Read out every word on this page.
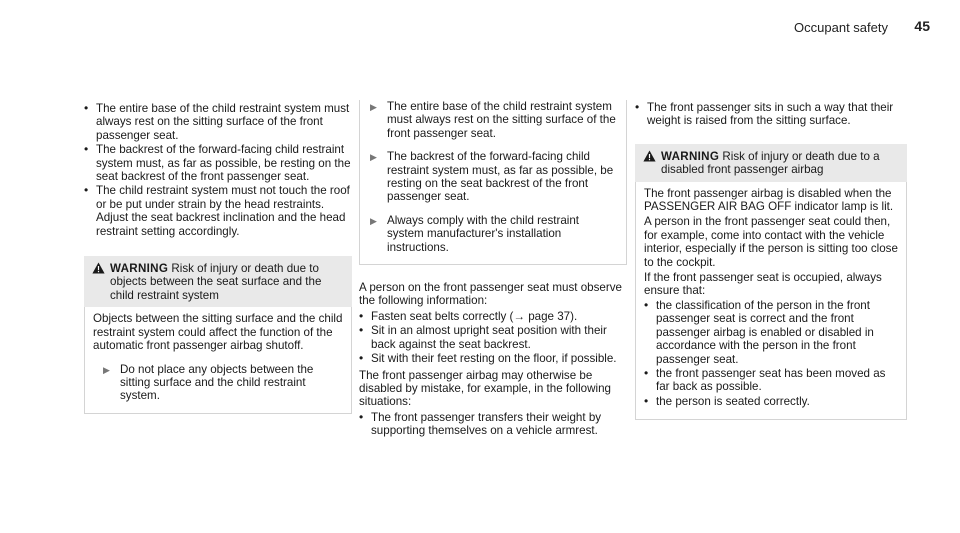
Occupant safety 45
• The entire base of the child restraint system must always rest on the sitting surface of the front passenger seat.
• The backrest of the forward-facing child restraint system must, as far as possible, be resting on the seat backrest of the front passenger seat.
• The child restraint system must not touch the roof or be put under strain by the head restraints. Adjust the seat backrest inclination and the head restraint setting accordingly.
WARNING Risk of injury or death due to objects between the seat surface and the child restraint system

Objects between the sitting surface and the child restraint system could affect the function of the automatic front passenger airbag shutoff.

▶ Do not place any objects between the sitting surface and the child restraint system.
▶ The entire base of the child restraint system must always rest on the sitting surface of the front passenger seat.
▶ The backrest of the forward-facing child restraint system must, as far as possible, be resting on the seat backrest of the front passenger seat.
▶ Always comply with the child restraint system manufacturer's installation instructions.

A person on the front passenger seat must observe the following information:

• Fasten seat belts correctly (→ page 37).
• Sit in an almost upright seat position with their back against the seat backrest.
• Sit with their feet resting on the floor, if possible.

The front passenger airbag may otherwise be disabled by mistake, for example, in the following situations:

• The front passenger transfers their weight by supporting themselves on a vehicle armrest.
• The front passenger sits in such a way that their weight is raised from the sitting surface.
WARNING Risk of injury or death due to a disabled front passenger airbag

The front passenger airbag is disabled when the PASSENGER AIR BAG OFF indicator lamp is lit.

A person in the front passenger seat could then, for example, come into contact with the vehicle interior, especially if the person is sitting too close to the cockpit.

If the front passenger seat is occupied, always ensure that:

• the classification of the person in the front passenger seat is correct and the front passenger airbag is enabled or disabled in accordance with the person in the front passenger seat.
• the front passenger seat has been moved as far back as possible.
• the person is seated correctly.
